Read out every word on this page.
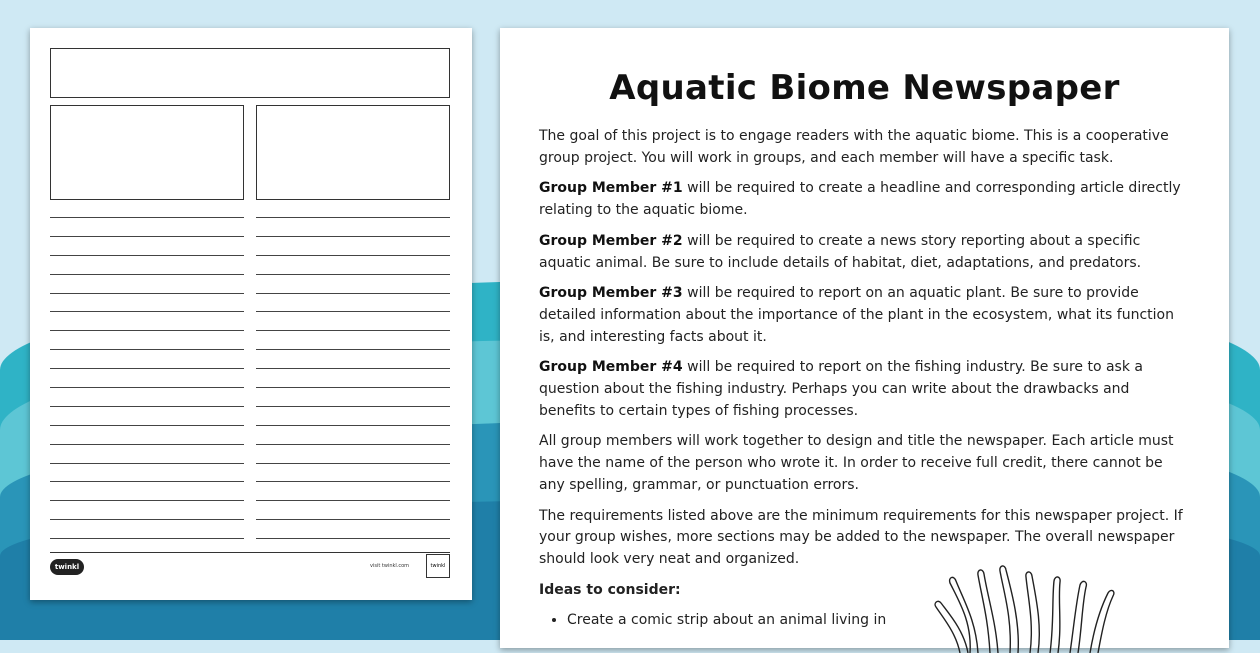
twinkl	visit twinkl.com	twinkl
Aquatic Biome Newspaper

The goal of this project is to engage readers with the aquatic biome. This is a cooperative group project. You will work in groups, and each member will have a specific task.

Group Member #1 will be required to create a headline and corresponding article directly relating to the aquatic biome.

Group Member #2 will be required to create a news story reporting about a specific aquatic animal. Be sure to include details of habitat, diet, adaptations, and predators.

Group Member #3 will be required to report on an aquatic plant. Be sure to provide detailed information about the importance of the plant in the ecosystem, what its function is, and interesting facts about it.

Group Member #4 will be required to report on the fishing industry. Be sure to ask a question about the fishing industry. Perhaps you can write about the drawbacks and benefits to certain types of fishing processes.

All group members will work together to design and title the newspaper. Each article must have the name of the person who wrote it. In order to receive full credit, there cannot be any spelling, grammar, or punctuation errors.

The requirements listed above are the minimum requirements for this newspaper project. If your group wishes, more sections may be added to the newspaper. The overall newspaper should look very neat and organized.

Ideas to consider:

• Create a comic strip about an animal living in
